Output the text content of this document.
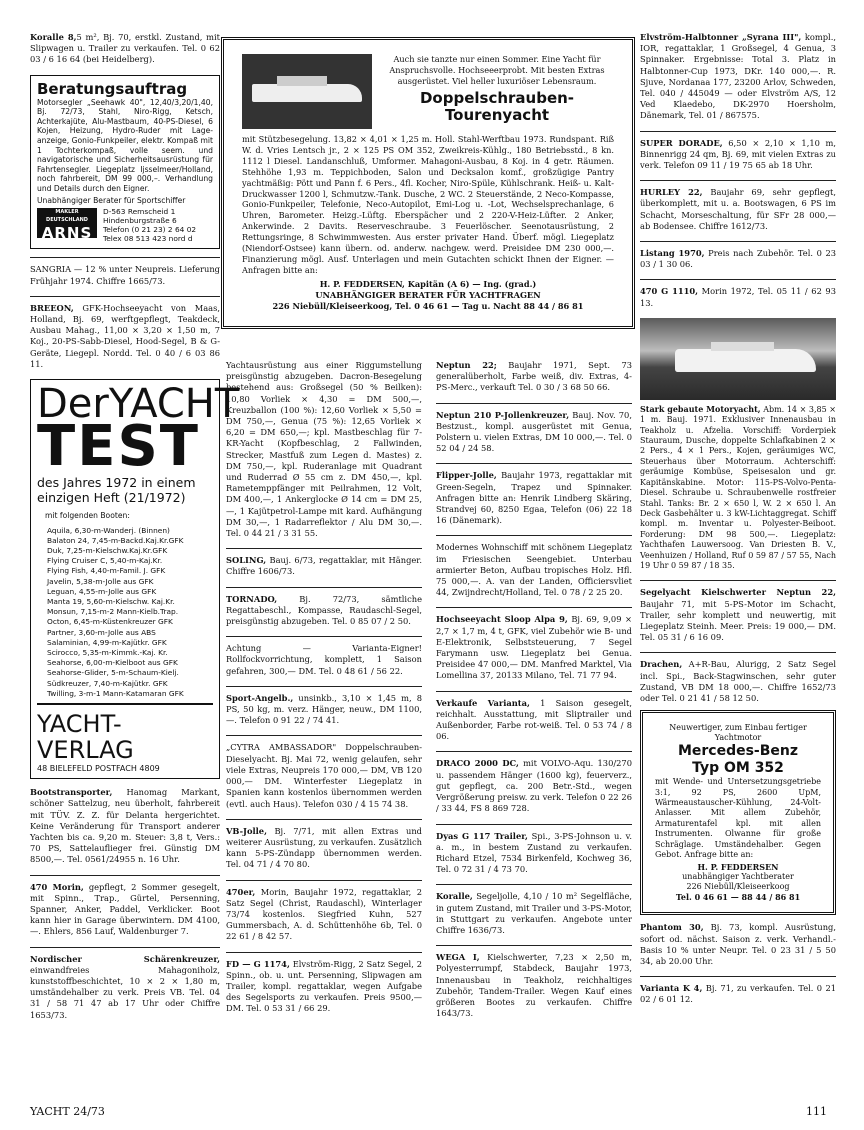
Koralle 8,5 m², Bj. 70, erstkl. Zustand, mit Slipwagen u. Trailer zu verkaufen. Tel. 0 62 03 / 6 16 64 (bei Heidelberg).
Beratungsauftrag
Motorsegler „Seehawk 40", 12,40/3,20/1,40, Bj. 72/73, Stahl, Niro-Rigg, Ketsch, Achterkajüte, Alu-Mastbaum, 40-PS-Diesel, 6 Kojen, Heizung, Hydro-Ruder mit Lage-anzeige, Gonio-Funkpeiler, elektr. Kompaß mit 1 Tochterkompaß, volle seem. und navigatorische und Sicherheitsausrüstung für Fahrtensegler. Liegeplatz Ijsselmeer/Holland, noch fahrbereit, DM 99 000,–. Verhandlung und Details durch den Eigner.
Unabhängiger Berater für Sportschiffer
MAKLER DEUTSCHLAND
ARNS
D-563 Remscheid 1
Hindenburgstraße 6
Telefon (0 21 23) 2 64 02
Telex 08 513 423 nord d
SANGRIA — 12 % unter Neupreis. Lieferung Frühjahr 1974. Chiffre 1665/73.
BREEON, GFK-Hochseeyacht von Maas, Holland, Bj. 69, werftgepflegt, Teakdeck, Ausbau Mahag., 11,00 × 3,20 × 1,50 m, 7 Koj., 20-PS-Sabb-Diesel, Hood-Segel, B & G-Geräte, Liegepl. Nordd. Tel. 0 40 / 6 03 86 11.
DerYACHT
TEST
des Jahres 1972 in einem einzigen Heft (21/1972)
mit folgenden Booten:
Aquila, 6,30-m-Wanderj. (Binnen)
Balaton 24, 7,45-m-Backd.Kaj.Kr.GFK
Duk, 7,25-m-Kielschw.Kaj.Kr.GFK
Flying Cruiser C, 5,40-m-Kaj.Kr.
Flying Fish, 4,40-m-Famil. J. GFK
Javelin, 5,38-m-Jolle aus GFK
Leguan, 4,55-m-Jolle aus GFK
Manta 19, 5,60-m-Kielschw. Kaj.Kr.
Monsun, 7,15-m-2 Mann-Kielb.Trap.
Octon, 6,45-m-Küstenkreuzer GFK
Partner, 3,60-m-Jolle aus ABS
Salaminian, 4,99-m-Kajütkr. GFK
Scirocco, 5,35-m-Kimmk.-Kaj. Kr.
Seahorse, 6,00-m-Kielboot aus GFK
Seahorse-Glider, 5-m-Schaum-Kielj.
Südkreuzer, 7,40-m-Kajütkr. GFK
Twilling, 3-m-1 Mann-Katamaran GFK
YACHT-VERLAG
48 BIELEFELD POSTFACH 4809
Bootstransporter, Hanomag Markant, schöner Sattelzug, neu überholt, fahrbereit mit TÜV. Z. Z. für Delanta hergerichtet. Keine Veränderung für Transport anderer Yachten bis ca. 9,20 m. Steuer: 3,8 t, Vers.: 70 PS, Sattelauflieger frei. Günstig DM 8500,—. Tel. 0561/24955 n. 16 Uhr.
470 Morin, gepflegt, 2 Sommer gesegelt, mit Spinn., Trap., Gürtel, Persenning, Spanner, Anker, Paddel, Verklicker. Boot kann hier in Garage überwintern. DM 4100,—. Ehlers, 856 Lauf, Waldenburger 7.
Nordischer Schärenkreuzer, einwandfreies Mahagoniholz, kunststoffbeschichtet, 10 × 2 × 1,80 m, umständehalber zu verk. Preis VB. Tel. 04 31 / 58 71 47 ab 17 Uhr oder Chiffre 1653/73.
Auch sie tanzte nur einen Sommer. Eine Yacht für Anspruchsvolle. Hochseeerprobt. Mit besten Extras ausgerüstet. Viel heller luxuriöser Lebensraum.
Doppelschrauben-
Tourenyacht
mit Stützbesegelung. 13,82 × 4,01 × 1,25 m. Holl. Stahl-Werftbau 1973. Rundspant. Riß W. d. Vries Lentsch jr., 2 × 125 PS OM 352, Zweikreis-Kühlg., 180 Betriebsstd., 8 kn. 1112 l Diesel. Landanschluß, Umformer. Mahagoni-Ausbau, 8 Koj. in 4 getr. Räumen. Stehhöhe 1,93 m. Teppichboden, Salon und Decksalon komf., großzügige Pantry yachtmäßig: Pött und Pann f. 6 Pers., 4fl. Kocher, Niro-Spüle, Kühlschrank. Heiß- u. Kalt-Druckwasser 1200 l, Schmutzw.-Tank. Dusche, 2 WC. 2 Steuerstände, 2 Neco-Kompasse, Gonio-Funkpeiler, Telefonie, Neco-Autopilot, Emi-Log u. -Lot, Wechselsprechanlage, 6 Uhren, Barometer. Heizg.-Lüftg. Eberspächer und 2 220-V-Heiz-Lüfter. 2 Anker, Ankerwinde. 2 Davits. Reserveschraube. 3 Feuerlöscher. Seenotausrüstung, 2 Rettungsringe, 8 Schwimmwesten. Aus erster privater Hand. Überf. mögl. Liegeplatz (Niendorf-Ostsee) kann übern. od. anderw. nachgew. werd. Preisidee DM 230 000,—. Finanzierung mögl. Ausf. Unterlagen und mein Gutachten schickt Ihnen der Eigner. — Anfragen bitte an:
H. P. FEDDERSEN, Kapitän (A 6) — Ing. (grad.)
UNABHÄNGIGER BERATER FÜR YACHTFRAGEN
226 Niebüll/Kleiseerkoog, Tel. 0 46 61 — Tag u. Nacht 88 44 / 86 81
Yachtausrüstung aus einer Riggumstellung preisgünstig abzugeben. Dacron-Besegelung bestehend aus: Großsegel (50 % Beilken): 10,80 Vorliek × 4,30 = DM 500,—, Kreuzballon (100 %): 12,60 Vorliek × 5,50 = DM 750,—, Genua (75 %): 12,65 Vorliek × 6,20 = DM 650,—; kpl. Mastbeschlag für 7-KR-Yacht (Kopfbeschlag, 2 Fallwinden, Strecker, Mastfuß zum Legen d. Mastes) z. DM 750,—, kpl. Ruderanlage mit Quadrant und Ruderrad Ø 55 cm z. DM 450,—, kpl. Rametemppfänger mit Peilrahmen, 12 Volt, DM 400,—, 1 Ankerglocke Ø 14 cm = DM 25,—, 1 Kajütpetrol-Lampe mit kard. Aufhängung DM 30,—, 1 Radarreflektor / Alu DM 30,—. Tel. 0 44 21 / 3 31 55.
SOLING, Bauj. 6/73, regattaklar, mit Hänger. Chiffre 1606/73.
TORNADO, Bj. 72/73, sämtliche Regattabeschl., Kompasse, Raudaschl-Segel, preisgünstig abzugeben. Tel. 0 85 07 / 2 50.
Achtung — Varianta-Eigner! Rollfockvorrichtung, komplett, 1 Saison gefahren, 300,— DM. Tel. 0 48 61 / 56 22.
Sport-Angelb., unsinkb., 3,10 × 1,45 m, 8 PS, 50 kg, m. verz. Hänger, neuw., DM 1100,—. Telefon 0 91 22 / 74 41.
„CYTRA AMBASSADOR" Doppelschrauben-Dieselyacht. Bj. Mai 72, wenig gelaufen, sehr viele Extras, Neupreis 170 000,— DM, VB 120 000,— DM. Winterfester Liegeplatz in Spanien kann kostenlos übernommen werden (evtl. auch Haus). Telefon 030 / 4 15 74 38.
VB-Jolle, Bj. 7/71, mit allen Extras und weiterer Ausrüstung, zu verkaufen. Zusätzlich kann 5-PS-Zündapp übernommen werden. Tel. 04 71 / 4 70 80.
470er, Morin, Baujahr 1972, regattaklar, 2 Satz Segel (Christ, Raudaschl), Winterlager 73/74 kostenlos. Siegfried Kuhn, 527 Gummersbach, A. d. Schüttenhöhe 6b, Tel. 0 22 61 / 8 42 57.
FD — G 1174, Elvström-Rigg, 2 Satz Segel, 2 Spinn., ob. u. unt. Persenning, Slipwagen am Trailer, kompl. regattaklar, wegen Aufgabe des Segelsports zu verkaufen. Preis 9500,— DM. Tel. 0 53 31 / 66 29.
Neptun 22; Baujahr 1971, Sept. 73 generalüberholt, Farbe weiß, div. Extras, 4-PS-Merc., verkauft Tel. 0 30 / 3 68 50 66.
Neptun 210 P-Jollenkreuzer, Bauj. Nov. 70, Bestzust., kompl. ausgerüstet mit Genua, Polstern u. vielen Extras, DM 10 000,—. Tel. 0 52 04 / 24 58.
Flipper-Jolle, Baujahr 1973, regattaklar mit Green-Segeln, Trapez und Spinnaker. Anfragen bitte an: Henrik Lindberg Skäring, Strandvej 60, 8250 Egaa, Telefon (06) 22 18 16 (Dänemark).
Modernes Wohnschiff mit schönem Liegeplatz im Friesischen Seengebiet. Unterbau armierter Beton, Aufbau tropisches Holz. Hfl. 75 000,—. A. van der Landen, Officiersvliet 44, Zwijndrecht/Holland, Tel. 0 78 / 2 25 20.
Hochseeyacht Sloop Alpa 9, Bj. 69, 9,09 × 2,7 × 1,7 m, 4 t, GFK, viel Zubehör wie B- und E-Elektronik, Selbststeuerung, 7 Segel Farymann usw. Liegeplatz bei Genua. Preisidee 47 000,— DM. Manfred Marktel, Via Lomellina 37, 20133 Milano, Tel. 71 77 94.
Verkaufe Varianta, 1 Saison gesegelt, reichhalt. Ausstattung, mit Sliptrailer und Außenborder, Farbe rot-weiß. Tel. 0 53 74 / 8 06.
DRACO 2000 DC, mit VOLVO-Aqu. 130/270 u. passendem Hänger (1600 kg), feuerverz., gut gepflegt, ca. 200 Betr.-Std., wegen Vergrößerung preisw. zu verk. Telefon 0 22 26 / 33 44, FS 8 869 728.
Dyas G 117 Trailer, Spi., 3-PS-Johnson u. v. a. m., in bestem Zustand zu verkaufen. Richard Etzel, 7534 Birkenfeld, Kochweg 36, Tel. 0 72 31 / 4 73 70.
Koralle, Segeljolle, 4,10 / 10 m² Segelfläche, in gutem Zustand, mit Trailer und 3-PS-Motor, in Stuttgart zu verkaufen. Angebote unter Chiffre 1636/73.
WEGA I, Kielschwerter, 7,23 × 2,50 m, Polyesterrumpf, Stabdeck, Baujahr 1973, Innenausbau in Teakholz, reichhaltiges Zubehör, Tandem-Trailer. Wegen Kauf eines größeren Bootes zu verkaufen. Chiffre 1643/73.
Elvström-Halbtonner „Syrana III", kompl., IOR, regattaklar, 1 Großsegel, 4 Genua, 3 Spinnaker. Ergebnisse: Total 3. Platz in Halbtonner-Cup 1973, DKr. 140 000,—. R. Sjuve, Nordanaa 177, 23200 Arlov, Schweden, Tel. 040 / 445049 — oder Elvström A/S, 12 Ved Klaedebo, DK-2970 Hoersholm, Dänemark, Tel. 01 / 867575.
SUPER DORADE, 6,50 × 2,10 × 1,10 m, Binnenrigg 24 qm, Bj. 69, mit vielen Extras zu verk. Telefon 09 11 / 19 75 65 ab 18 Uhr.
HURLEY 22, Baujahr 69, sehr gepflegt, überkomplett, mit u. a. Bootswagen, 6 PS im Schacht, Morseschaltung, für SFr 28 000,— ab Bodensee. Chiffre 1612/73.
Listang 1970, Preis nach Zubehör. Tel. 0 23 03 / 1 30 06.
470 G 1110, Morin 1972, Tel. 05 11 / 62 93 13.
Stark gebaute Motoryacht, Abm. 14 × 3,85 × 1 m. Bauj. 1971. Exklusiver Innenausbau in Teakholz u. Afzelia. Vorschiff: Vorderpiek Stauraum, Dusche, doppelte Schlafkabinen 2 × 2 Pers., 4 × 1 Pers., Kojen, geräumiges WC, Steuerhaus über Motorraum. Achterschiff: geräumige Kombüse, Speisesalon und gr. Kapitänskabine. Motor: 115-PS-Volvo-Penta-Diesel. Schraube u. Schraubenwelle rostfreier Stahl. Tanks: Br. 2 × 650 l, W. 2 × 650 l. An Deck Gasbehälter u. 3 kW-Lichtaggregat. Schiff kompl. m. Inventar u. Polyester-Beiboot. Forderung: DM 98 500,—. Liegeplatz: Yachthafen Lauwersoog. Van Driesten B. V., Veenhuizen / Holland, Ruf 0 59 87 / 57 55, Nach 19 Uhr 0 59 87 / 18 35.
Segelyacht Kielschwerter Neptun 22, Baujahr 71, mit 5-PS-Motor im Schacht, Trailer, sehr komplett und neuwertig, mit Liegeplatz Steinh. Meer. Preis: 19 000,— DM. Tel. 05 31 / 6 16 09.
Drachen, A+R-Bau, Alurigg, 2 Satz Segel incl. Spi., Back-Stagwinschen, sehr guter Zustand, VB DM 18 000,—. Chiffre 1652/73 oder Tel. 0 21 41 / 58 12 50.
Neuwertiger, zum Einbau fertiger Yachtmotor
Mercedes-Benz
Typ OM 352
mit Wende- und Untersetzungsgetriebe 3:1, 92 PS, 2600 UpM, Wärmeaustauscher-Kühlung, 24-Volt-Anlasser. Mit allem Zubehör, Armaturentafel kpl. mit allen Instrumenten. Olwanne für große Schräglage. Umständehalber. Gegen Gebot. Anfrage bitte an:
H. P. FEDDERSEN
unabhängiger Yachtberater
226 Niebüll/Kleiseerkoog
Tel. 0 46 61 — 88 44 / 86 81
Phantom 30, Bj. 73, kompl. Ausrüstung, sofort od. nächst. Saison z. verk. Verhandl.-Basis 10 % unter Neupr. Tel. 0 23 31 / 5 50 34, ab 20.00 Uhr.
Varianta K 4, Bj. 71, zu verkaufen. Tel. 0 21 02 / 6 01 12.
YACHT 24/73	111
